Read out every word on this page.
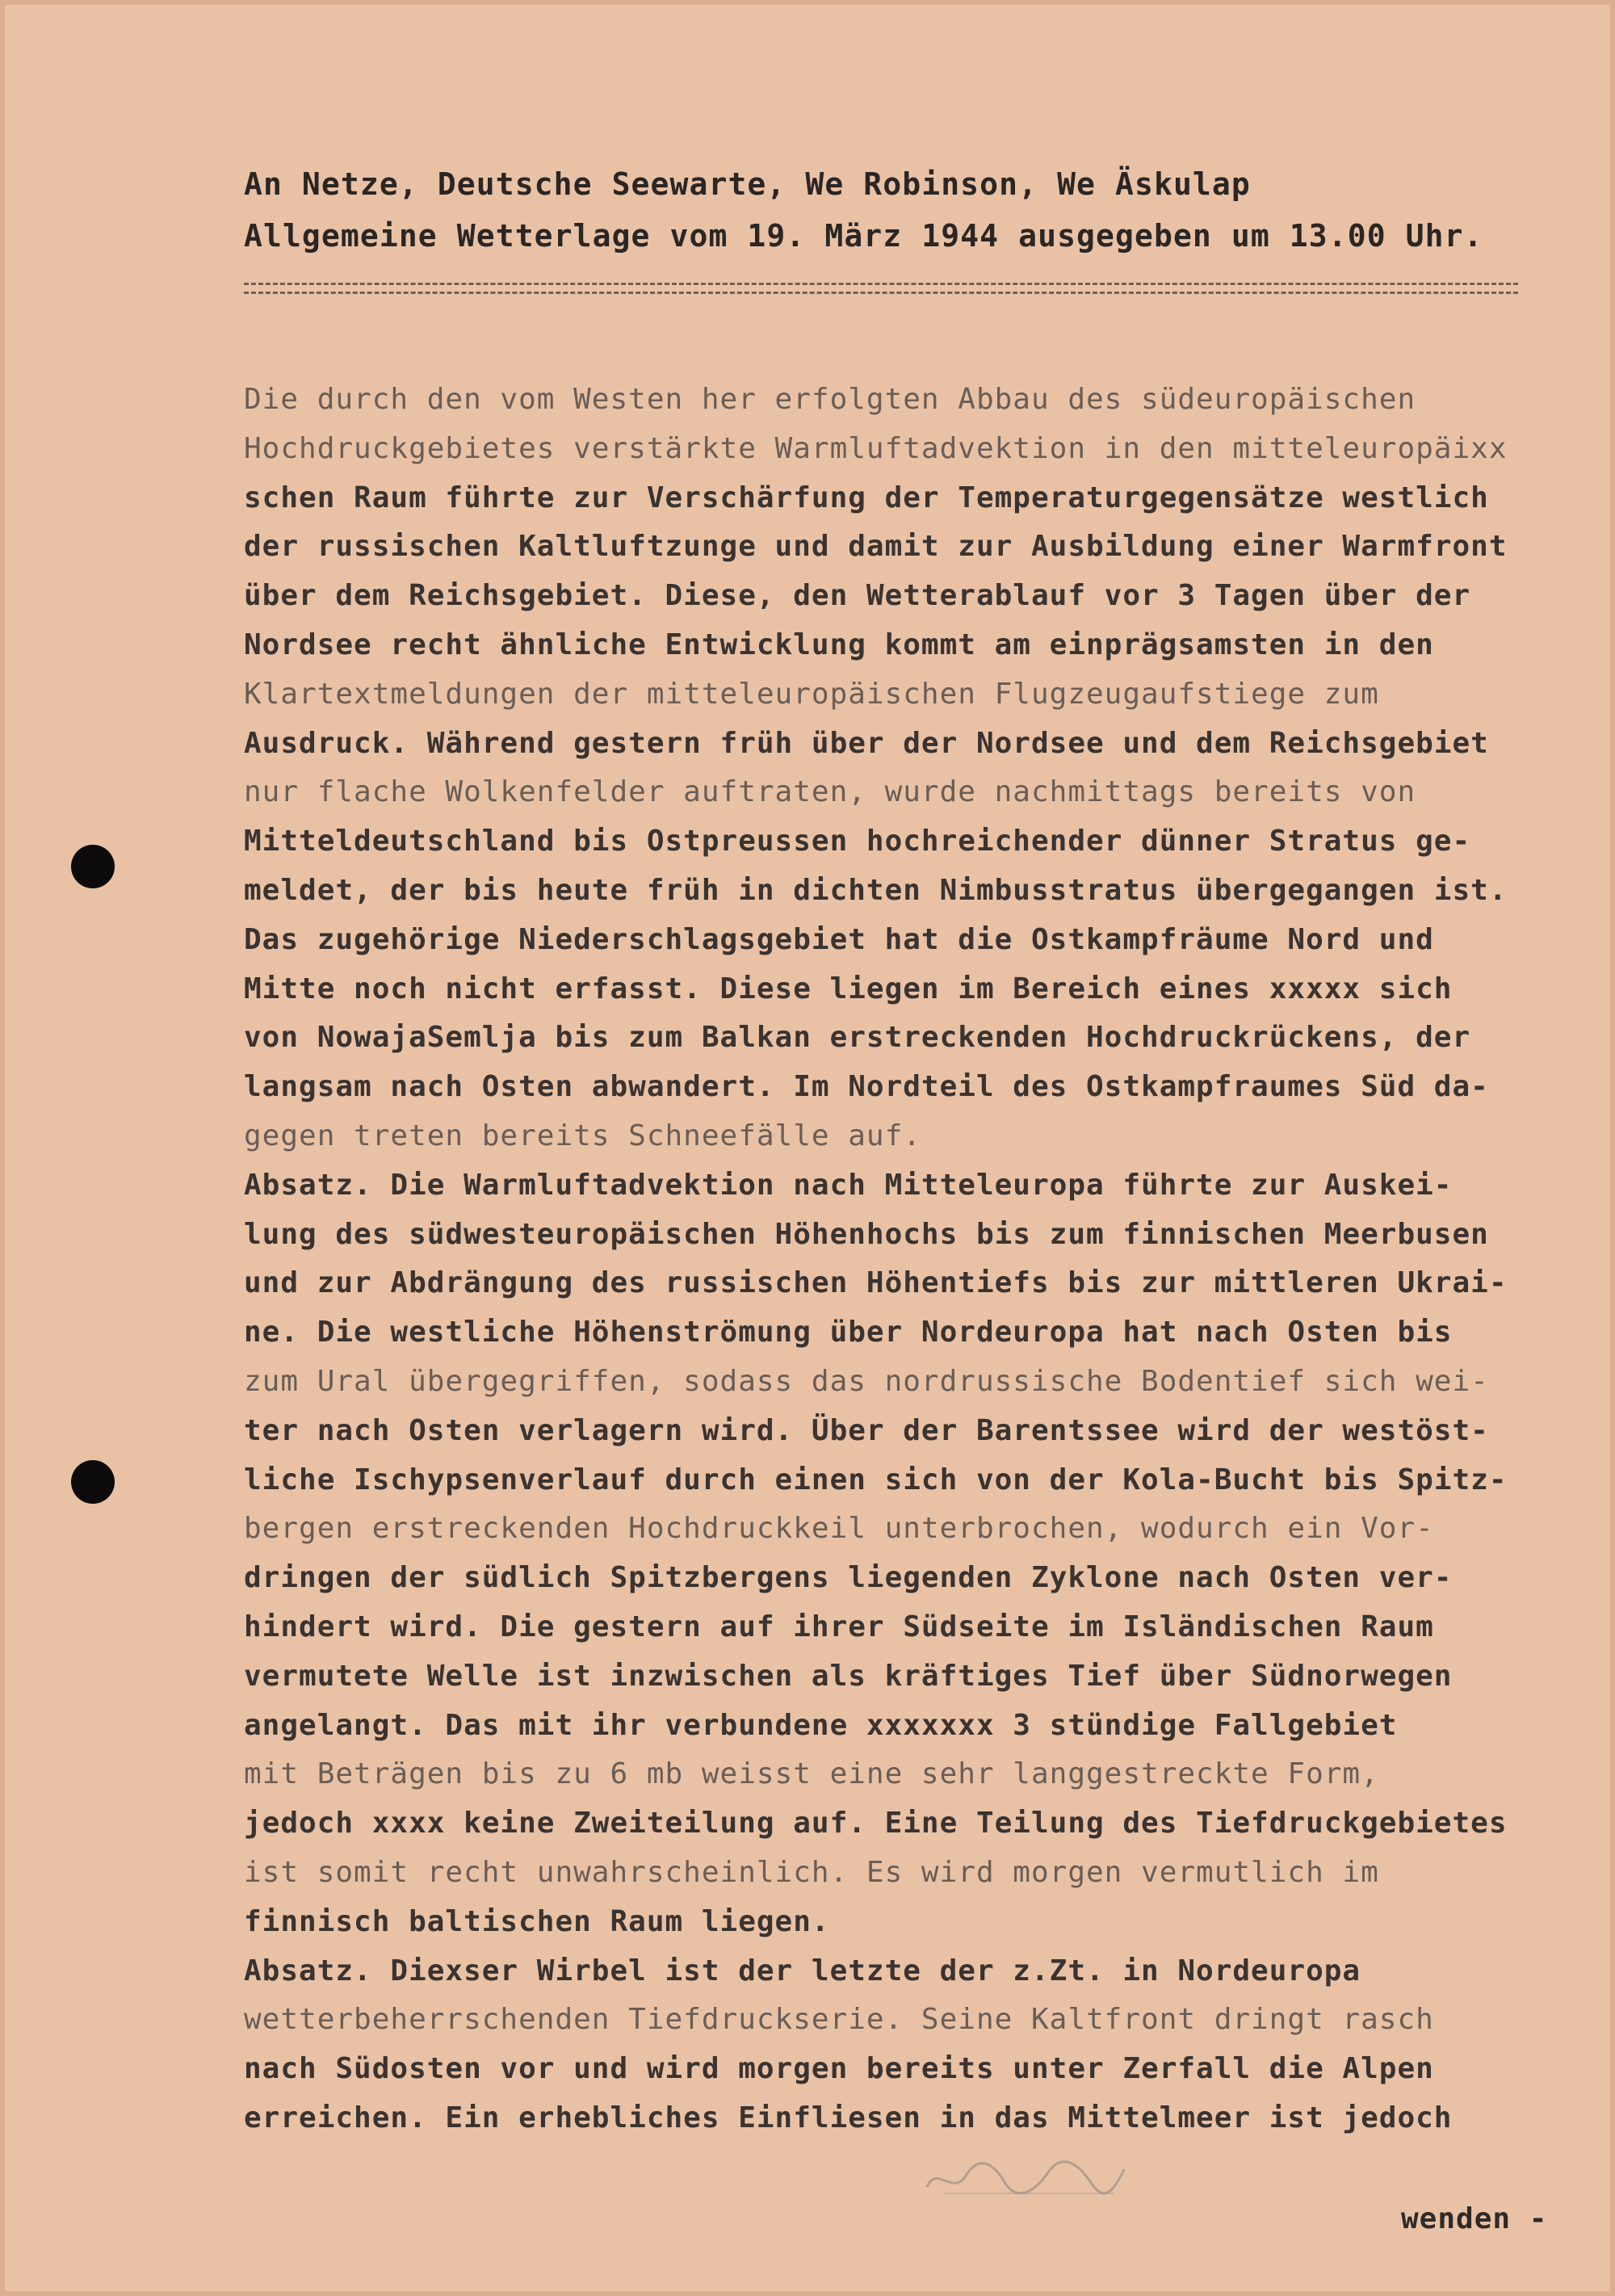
An Netze, Deutsche Seewarte, We Robinson, We Äskulap
Allgemeine Wetterlage vom 19. März 1944 ausgegeben um 13.00 Uhr.
Die durch den vom Westen her erfolgten Abbau des südeuropäischen
Hochdruckgebietes verstärkte Warmluftadvektion in den mitteleuropäixx
schen Raum führte zur Verschärfung der Temperaturgegensätze westlich
der russischen Kaltluftzunge und damit zur Ausbildung einer Warmfront
über dem Reichsgebiet. Diese, den Wetterablauf vor 3 Tagen über der
Nordsee recht ähnliche Entwicklung kommt am einprägsamsten in den
Klartextmeldungen der mitteleuropäischen Flugzeugaufstiege zum
Ausdruck. Während gestern früh über der Nordsee und dem Reichsgebiet
nur flache Wolkenfelder auftraten, wurde nachmittags bereits von
Mitteldeutschland bis Ostpreussen hochreichender dünner Stratus ge-
meldet, der bis heute früh in dichten Nimbusstratus übergegangen ist.
Das zugehörige Niederschlagsgebiet hat die Ostkampfräume Nord und
Mitte noch nicht erfasst. Diese liegen im Bereich eines xxxxx sich
von NowajaSemlja bis zum Balkan erstreckenden Hochdruckrückens, der
langsam nach Osten abwandert. Im Nordteil des Ostkampfraumes Süd da-
gegen treten bereits Schneefälle auf.
Absatz. Die Warmluftadvektion nach Mitteleuropa führte zur Auskei-
lung des südwesteuropäischen Höhenhochs bis zum finnischen Meerbusen
und zur Abdrängung des russischen Höhentiefs bis zur mittleren Ukrai-
ne. Die westliche Höhenströmung über Nordeuropa hat nach Osten bis
zum Ural übergegriffen, sodass das nordrussische Bodentief sich wei-
ter nach Osten verlagern wird. Über der Barentssee wird der westöst-
liche Ischypsenverlauf durch einen sich von der Kola-Bucht bis Spitz-
bergen erstreckenden Hochdruckkeil unterbrochen, wodurch ein Vor-
dringen der südlich Spitzbergens liegenden Zyklone nach Osten ver-
hindert wird. Die gestern auf ihrer Südseite im Isländischen Raum
vermutete Welle ist inzwischen als kräftiges Tief über Südnorwegen
angelangt. Das mit ihr verbundene xxxxxxx 3 stündige Fallgebiet
mit Beträgen bis zu 6 mb weisst eine sehr langgestreckte Form,
jedoch xxxx keine Zweiteilung auf. Eine Teilung des Tiefdruckgebietes
ist somit recht unwahrscheinlich. Es wird morgen vermutlich im
finnisch baltischen Raum liegen.
Absatz. Diexser Wirbel ist der letzte der z.Zt. in Nordeuropa
wetterbeherrschenden Tiefdruckserie. Seine Kaltfront dringt rasch
nach Südosten vor und wird morgen bereits unter Zerfall die Alpen
erreichen. Ein erhebliches Einfliesen in das Mittelmeer ist jedoch
wenden -
